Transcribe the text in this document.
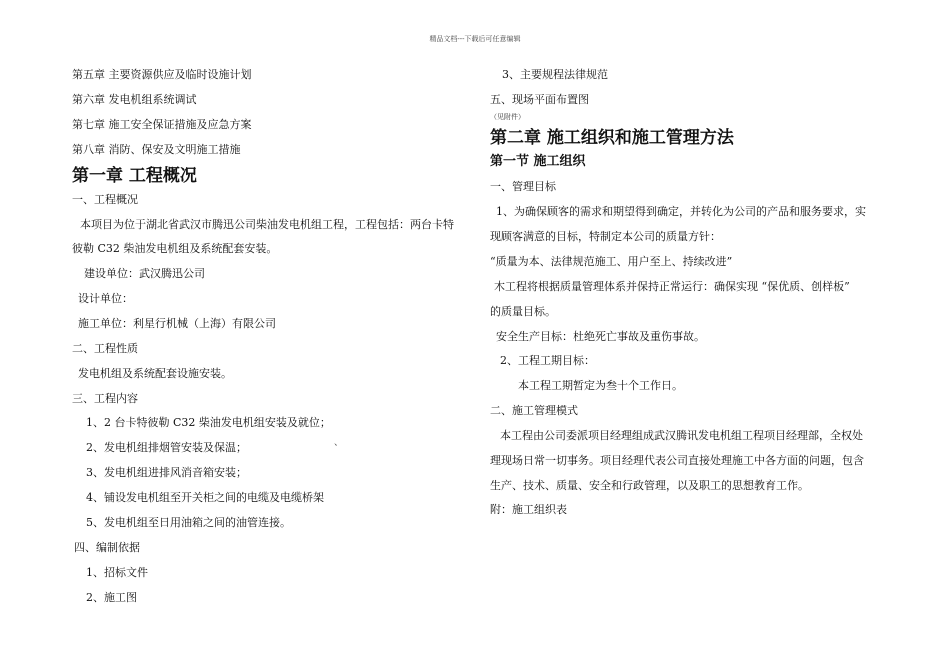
精品文档---下载后可任意编辑
第五章 主要资源供应及临时设施计划
第六章 发电机组系统调试
第七章 施工安全保证措施及应急方案
第八章 消防、保安及文明施工措施
第一章 工程概况
一、工程概况
本项目为位于湖北省武汉市腾迅公司柴油发电机组工程，工程包括：两台卡特
彼勒 C32 柴油发电机组及系统配套安装。
建设单位：武汉腾迅公司
设计单位：
施工单位：利星行机械（上海）有限公司
二、工程性质
发电机组及系统配套设施安装。
三、工程内容
1、2 台卡特彼勒 C32 柴油发电机组安装及就位；
2、发电机组排烟管安装及保温；	、
3、发电机组进排风消音箱安装；
4、铺设发电机组至开关柜之间的电缆及电缆桥架
5、发电机组至日用油箱之间的油管连接。
四、编制依据
1、招标文件
2、施工图
3、主要规程法律规范
五、现场平面布置图
（见附件）
第二章 施工组织和施工管理方法
第一节 施工组织
一、管理目标
1、为确保顾客的需求和期望得到确定，并转化为公司的产品和服务要求，实
现顾客满意的目标，特制定本公司的质量方针：
“质量为本、法律规范施工、用户至上、持续改进”
木工程将根据质量管理体系并保持正常运行：确保实现 “保优质、创样板”
的质量目标。
安全生产目标：杜绝死亡事故及重伤事故。
2、工程工期目标：
本工程工期暂定为叁十个工作日。
二、施工管理模式
本工程由公司委派项目经理组成武汉腾讯发电机组工程项目经理部，全权处
理现场日常一切事务。项目经理代表公司直接处理施工中各方面的问题，包含
生产、技术、质量、安全和行政管理，以及职工的思想教育工作。
附：施工组织表
